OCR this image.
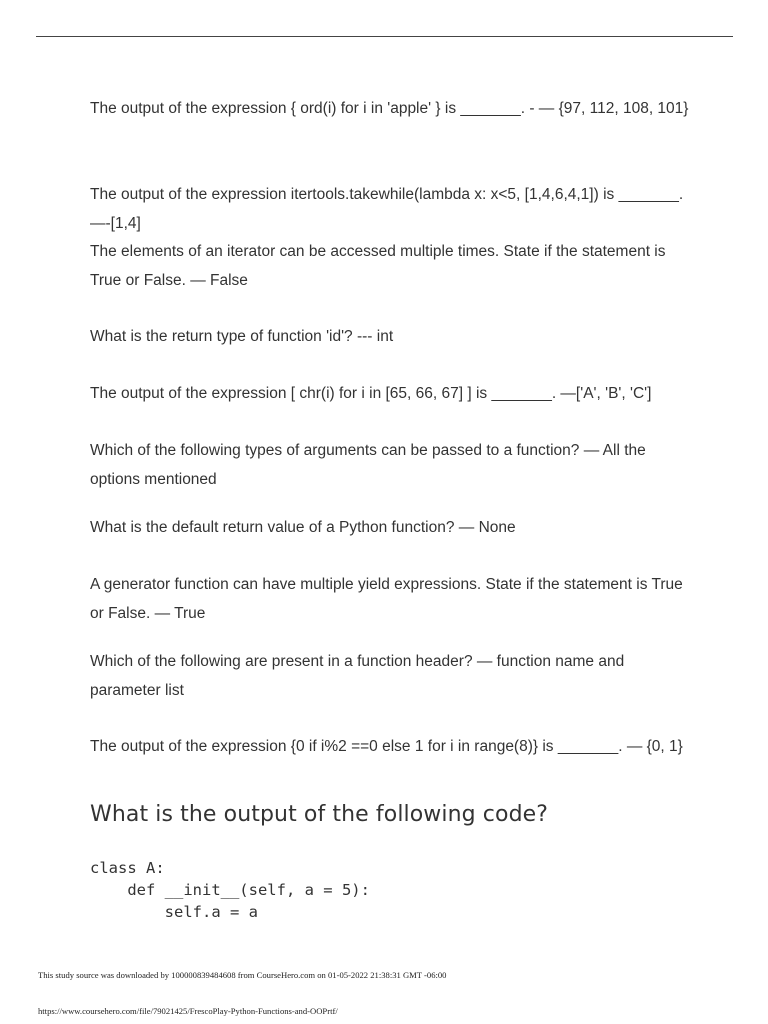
The output of the expression { ord(i) for i in 'apple' } is _______. - — {97, 112, 108, 101}

The output of the expression itertools.takewhile(lambda x: x<5, [1,4,6,4,1]) is _______.—-[1,4]

The elements of an iterator can be accessed multiple times. State if the statement is True or False. — False

What is the return type of function 'id'? --- int

The output of the expression [ chr(i) for i in [65, 66, 67] ] is _______. —['A', 'B', 'C']

Which of the following types of arguments can be passed to a function? — All the options mentioned

What is the default return value of a Python function? — None

A generator function can have multiple yield expressions. State if the statement is True or False. — True

Which of the following are present in a function header? — function name and parameter list

The output of the expression {0 if i%2 ==0 else 1 for i in range(8)} is _______. — {0, 1}

What is the output of the following code?
class A:
def __init__(self, a = 5):
self.a = a

This study source was downloaded by 100000839484608 from CourseHero.com on 01-05-2022 21:38:31 GMT -06:00

https://www.coursehero.com/file/79021425/FrescoPlay-Python-Functions-and-OOPrtf/
